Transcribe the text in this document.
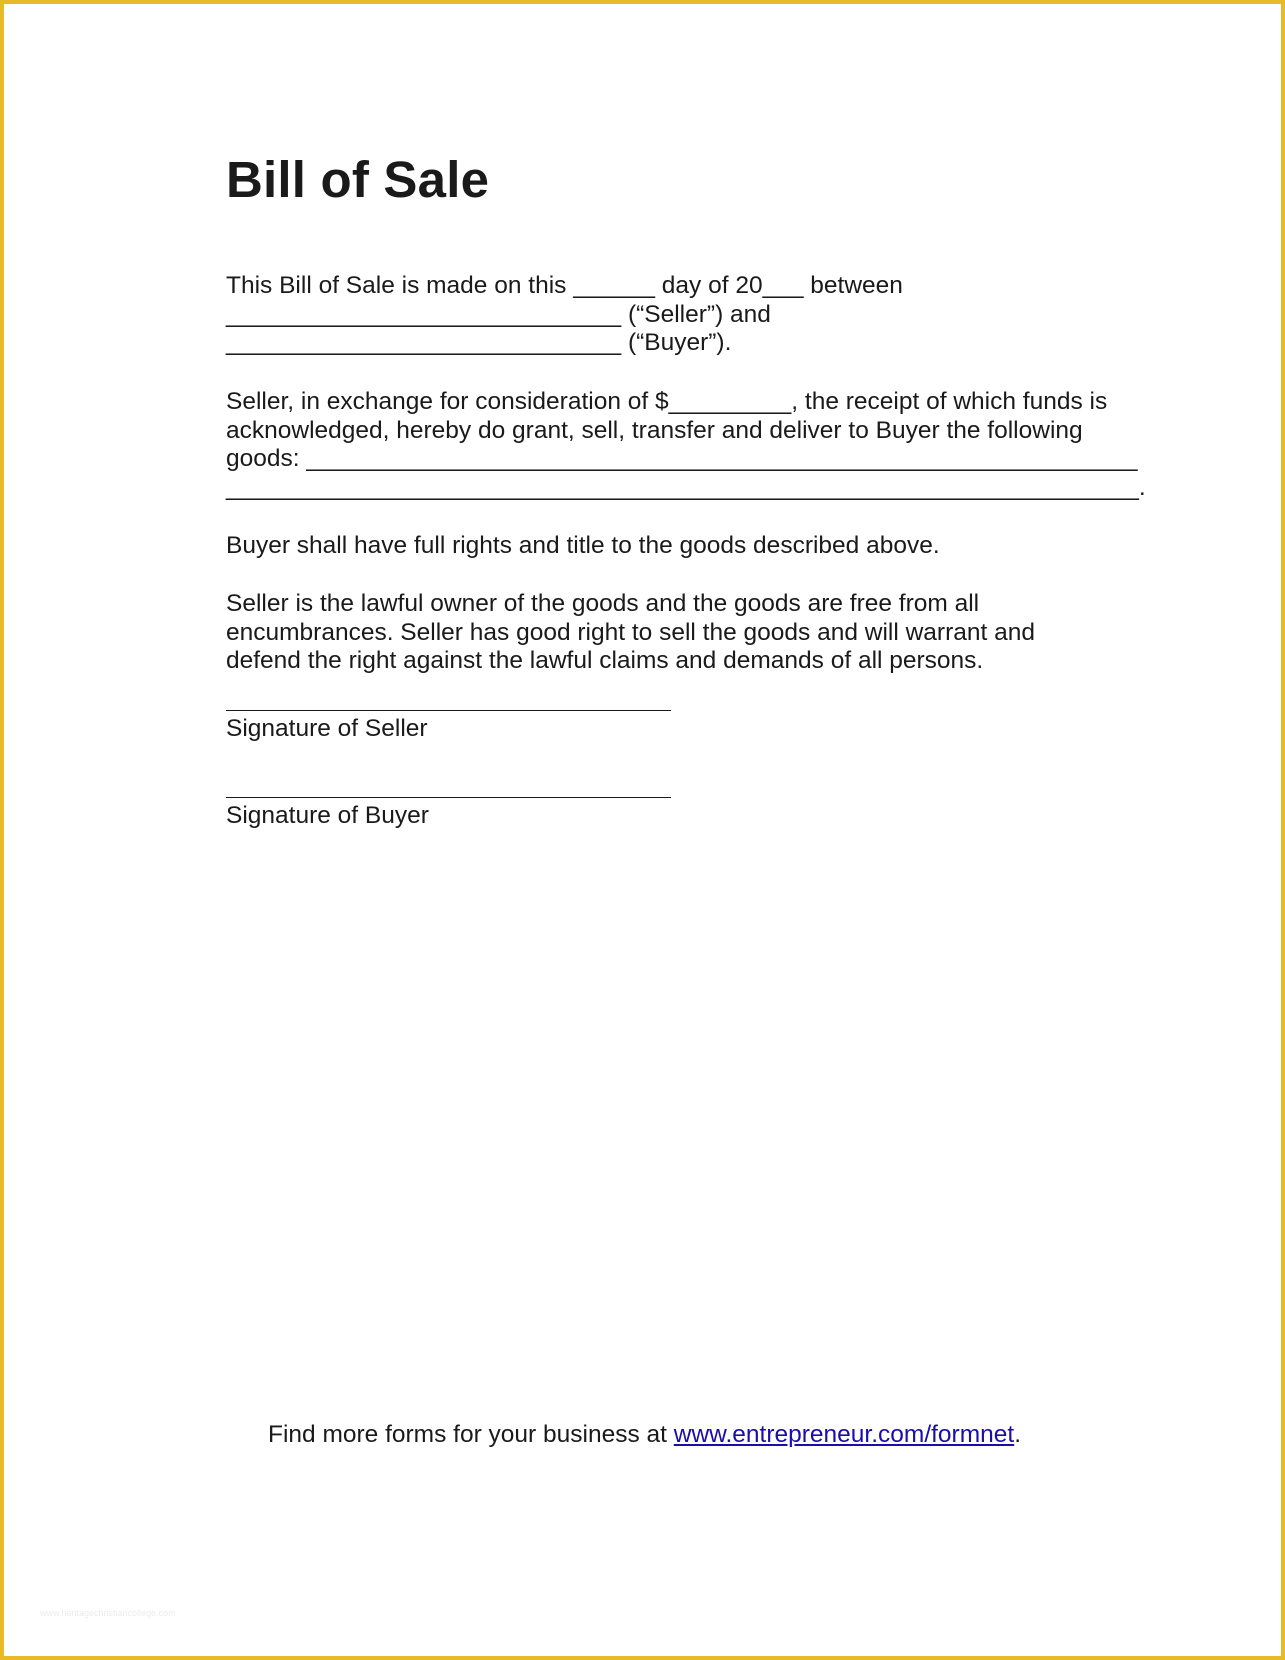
Bill of Sale

This Bill of Sale is made on this ______ day of 20___ between
_____________________________ (“Seller”) and
_____________________________ (“Buyer”).

Seller, in exchange for consideration of $_________, the receipt of which funds is
acknowledged, hereby do grant, sell, transfer and deliver to Buyer the following
goods: _____________________________________________________________
___________________________________________________________________.

Buyer shall have full rights and title to the goods described above.

Seller is the lawful owner of the goods and the goods are free from all
encumbrances. Seller has good right to sell the goods and will warrant and
defend the right against the lawful claims and demands of all persons.

Signature of Seller
Signature of Buyer
Find more forms for your business at www.entrepreneur.com/formnet.
www.heritagechristiancollege.com
